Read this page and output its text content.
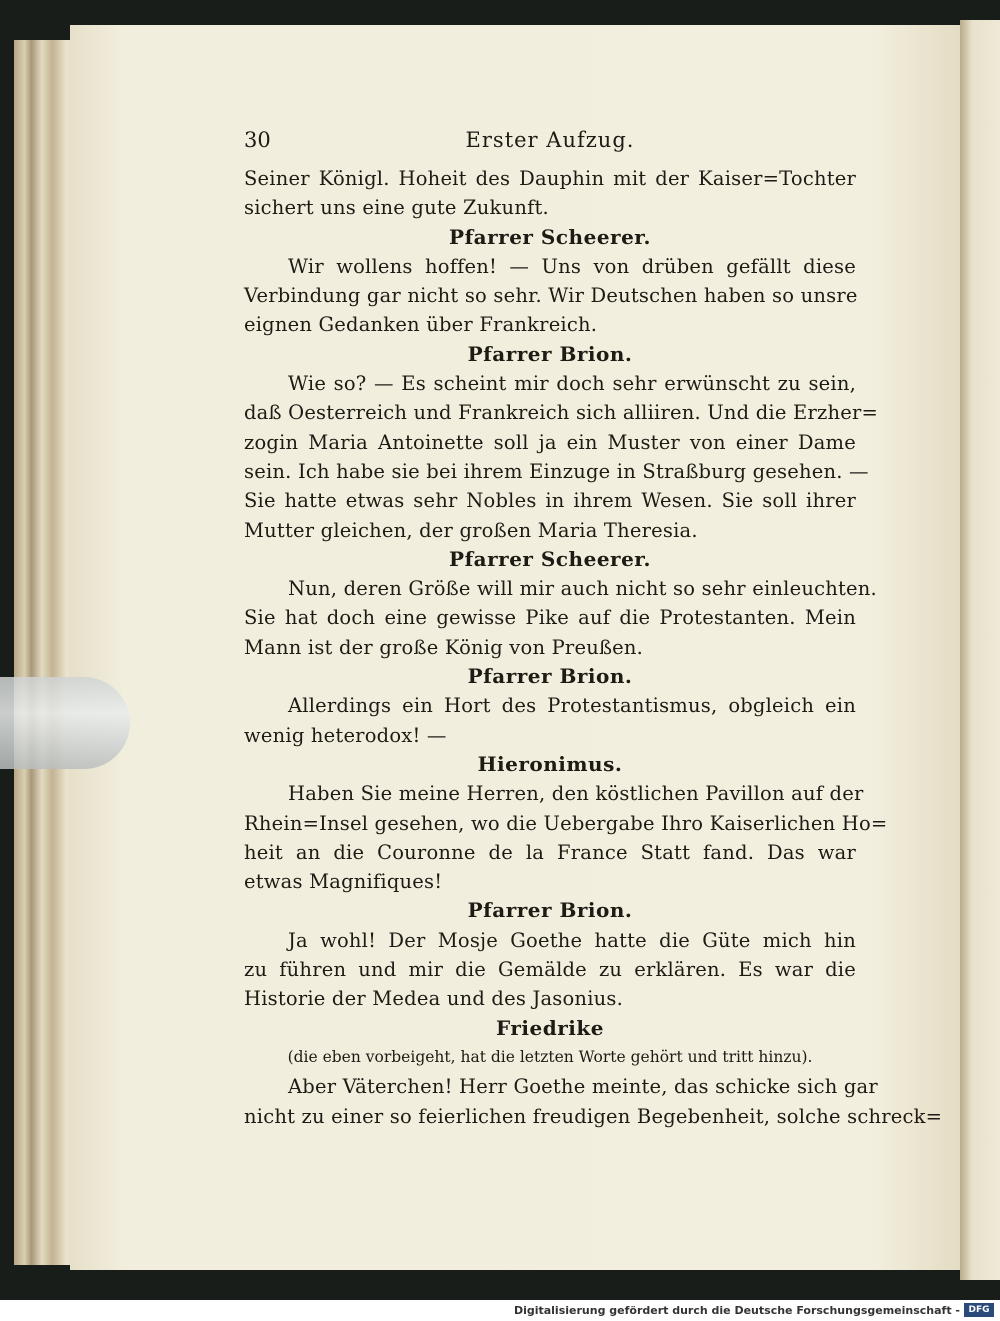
30	Erster Aufzug.
Seiner Königl. Hoheit des Dauphin mit der Kaiser=Tochter
sichert uns eine gute Zukunft.
Pfarrer Scheerer.
Wir wollens hoffen! — Uns von drüben gefällt diese
Verbindung gar nicht so sehr. Wir Deutschen haben so unsre
eignen Gedanken über Frankreich.
Pfarrer Brion.
Wie so? — Es scheint mir doch sehr erwünscht zu sein,
daß Oesterreich und Frankreich sich alliiren. Und die Erzher=
zogin Maria Antoinette soll ja ein Muster von einer Dame
sein. Ich habe sie bei ihrem Einzuge in Straßburg gesehen. —
Sie hatte etwas sehr Nobles in ihrem Wesen. Sie soll ihrer
Mutter gleichen, der großen Maria Theresia.
Pfarrer Scheerer.
Nun, deren Größe will mir auch nicht so sehr einleuchten.
Sie hat doch eine gewisse Pike auf die Protestanten. Mein
Mann ist der große König von Preußen.
Pfarrer Brion.
Allerdings ein Hort des Protestantismus, obgleich ein
wenig heterodox! —
Hieronimus.
Haben Sie meine Herren, den köstlichen Pavillon auf der
Rhein=Insel gesehen, wo die Uebergabe Ihro Kaiserlichen Ho=
heit an die Couronne de la France Statt fand. Das war
etwas Magnifiques!
Pfarrer Brion.
Ja wohl! Der Mosje Goethe hatte die Güte mich hin
zu führen und mir die Gemälde zu erklären. Es war die
Historie der Medea und des Jasonius.
Friedrike
(die eben vorbeigeht, hat die letzten Worte gehört und tritt hinzu).
Aber Väterchen! Herr Goethe meinte, das schicke sich gar
nicht zu einer so feierlichen freudigen Begebenheit, solche schreck=
Digitalisierung gefördert durch die Deutsche Forschungsgemeinschaft - DFG
